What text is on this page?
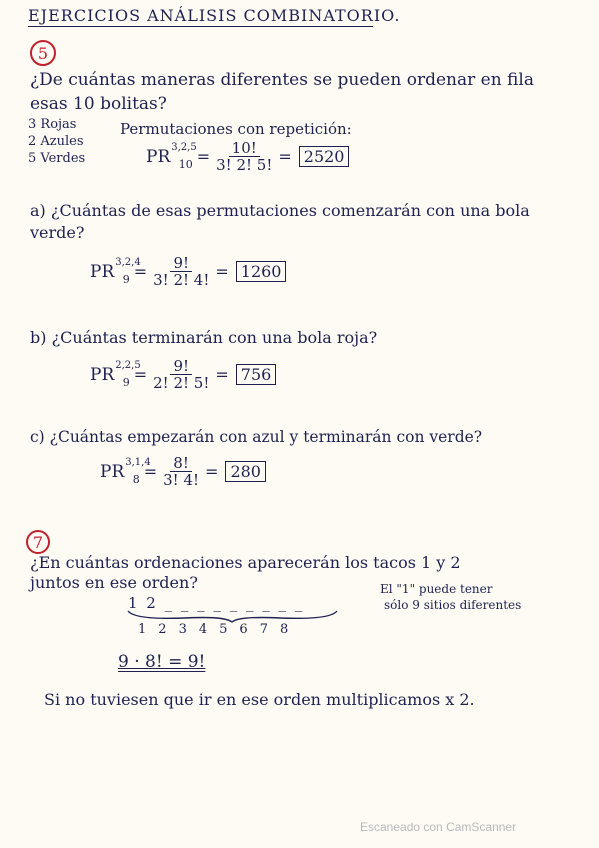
EJERCICIOS ANÁLISIS COMBINATORIO.
5
¿De cuántas maneras diferentes se pueden ordenar en fila esas 10 bolitas?
3 Rojas
2 Azules
5 Verdes
Permutaciones con repetición:
$PR^{3,2,5}_{10} = \frac{10!}{3! 2! 5!} = 2520$
a) ¿Cuántas de esas permutaciones comenzarán con una bola verde?
$PR^{3,2,4}_9 = \frac{9!}{3! 2! 4!} = 1260$
b) ¿Cuántas terminarán con una bola roja?
$PR^{2,2,5}_9 = \frac{9!}{2! 2! 5!} = 756$
c) ¿Cuántas empezarán con azul y terminarán con verde?
$PR^{3,1,4}_8 = \frac{8!}{3! 4!} = 280$
7
¿En cuántas ordenaciones aparecerán los tacos 1 y 2
juntos en ese orden?	El "1" puede tener
sólo 9 sitios diferentes
1 2 _ _ _ _ _ _ _ _ _
1 2 3 4 5 6 7 8
9 · 8! = 9!
Si no tuviesen que ir en ese orden multiplicamos x 2.
Escaneado con CamScanner
